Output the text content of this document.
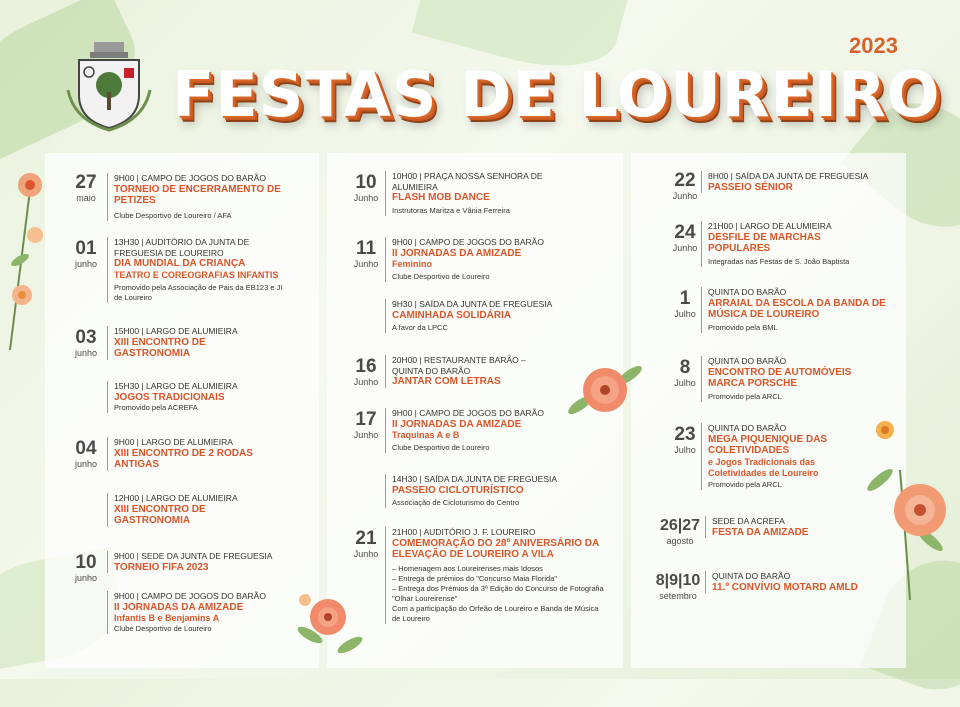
2023
FESTAS DE LOUREIRO
27
maio
9H00 | CAMPO DE JOGOS DO BARÃO
TORNEIO DE ENCERRAMENTO DE PETIZES
Clube Desportivo de Loureiro / AFA
01
junho
13H30 | AUDITÓRIO DA JUNTA DE FREGUESIA DE LOUREIRO
DIA MUNDIAL DA CRIANÇA
TEATRO E COREOGRAFIAS INFANTIS
Promovido pela Associação de Pais da EB123 e JI de Loureiro
03
junho
15H00 | LARGO DE ALUMIEIRA
XIII ENCONTRO DE GASTRONOMIA
15H30 | LARGO DE ALUMIEIRA
JOGOS TRADICIONAIS
Promovido pela ACREFA
04
junho
9H00 | LARGO DE ALUMIEIRA
XIII ENCONTRO DE 2 RODAS ANTIGAS
12H00 | LARGO DE ALUMIEIRA
XIII ENCONTRO DE GASTRONOMIA
10
junho
9H00 | SEDE DA JUNTA DE FREGUESIA
TORNEIO FIFA 2023
9H00 | CAMPO DE JOGOS DO BARÃO
II JORNADAS DA AMIZADE
Infantis B e Benjamins A
Clube Desportivo de Loureiro
10
Junho
10H00 | PRAÇA NOSSA SENHORA DE ALUMIEIRA
FLASH MOB DANCE
Instrutoras Maritza e Vânia Ferreira
11
Junho
9H00 | CAMPO DE JOGOS DO BARÃO
II JORNADAS DA AMIZADE
Feminino
Clube Desportivo de Loureiro
9H30 | SAÍDA DA JUNTA DE FREGUESIA
CAMINHADA SOLIDÁRIA
A favor da LPCC
16
Junho
20H00 | RESTAURANTE BARÃO – QUINTA DO BARÃO
JANTAR COM LETRAS
17
Junho
9H00 | CAMPO DE JOGOS DO BARÃO
II JORNADAS DA AMIZADE
Traquinas A e B
Clube Desportivo de Loureiro
14H30 | SAÍDA DA JUNTA DE FREGUESIA
PASSEIO CICLOTURÍSTICO
Associação de Cicloturismo do Centro
21
Junho
21H00 | AUDITÓRIO J. F. LOUREIRO
COMEMORAÇÃO DO 28º ANIVERSÁRIO DA ELEVAÇÃO DE LOUREIRO A VILA
– Homenagem aos Loureirenses mais Idosos
– Entrega de prémios do "Concurso Maia Florida"
– Entrega dos Prémios da 3ª Edição do Concurso de Fotografia "Olhar Loureirense"
Com a participação do Orfeão de Loureiro e Banda de Música de Loureiro
22
Junho
8H00 | SAÍDA DA JUNTA DE FREGUESIA
PASSEIO SÉNIOR
24
Junho
21H00 | LARGO DE ALUMIEIRA
DESFILE DE MARCHAS POPULARES
Integradas nas Festas de S. João Baptista
1
Julho
QUINTA DO BARÃO
ARRAIAL DA ESCOLA DA BANDA DE MÚSICA DE LOUREIRO
Promovido pela BML
8
Julho
QUINTA DO BARÃO
ENCONTRO DE AUTOMÓVEIS MARCA PORSCHE
Promovido pela ARCL
23
Julho
QUINTA DO BARÃO
MEGA PIQUENIQUE DAS COLETIVIDADES
e Jogos Tradicionais das Coletividades de Loureiro
Promovido pela ARCL
26|27
agosto
SEDE DA ACREFA
FESTA DA AMIZADE
8|9|10
setembro
QUINTA DO BARÃO
11.º CONVÍVIO MOTARD AMLD
